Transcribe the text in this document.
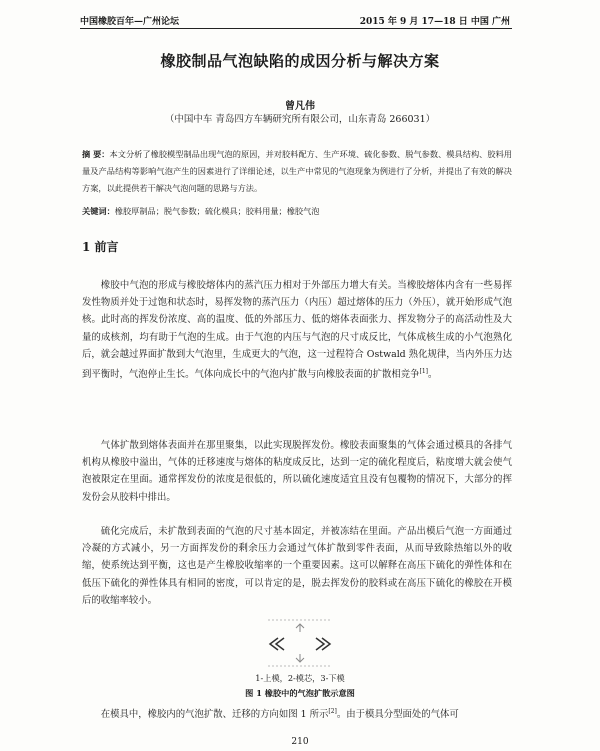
中国橡胶百年—广州论坛	2015 年 9 月 17—18 日 中国 广州
橡胶制品气泡缺陷的成因分析与解决方案
曾凡伟
（中国中车 青岛四方车辆研究所有限公司，山东青岛 266031）
摘 要：本文分析了橡胶模型制品出现气泡的原因，并对胶料配方、生产环境、硫化参数、脱气参数、模具结构、胶料用量及产品结构等影响气泡产生的因素进行了详细论述，以生产中常见的气泡现象为例进行了分析，并提出了有效的解决方案，以此提供若干解决气泡问题的思路与方法。
关键词：橡胶厚制品；脱气参数；硫化模具；胶料用量；橡胶气泡
1 前言

橡胶中气泡的形成与橡胶熔体内的蒸汽压力相对于外部压力增大有关。当橡胶熔体内含有一些易挥发性物质并处于过饱和状态时，易挥发物的蒸汽压力（内压）超过熔体的压力（外压），就开始形成气泡核。此时高的挥发份浓度、高的温度、低的外部压力、低的熔体表面张力、挥发物分子的高活动性及大量的成核剂，均有助于气泡的生成。由于气泡的内压与气泡的尺寸成反比，气体成核生成的小气泡熟化后，就会越过界面扩散到大气泡里，生成更大的气泡，这一过程符合 Ostwald 熟化规律，当内外压力达到平衡时，气泡停止生长。气体向成长中的气泡内扩散与向橡胶表面的扩散相竞争[1]。

气体扩散到熔体表面并在那里聚集，以此实现脱挥发份。橡胶表面聚集的气体会通过模具的各排气机构从橡胶中溢出，气体的迁移速度与熔体的粘度成反比，达到一定的硫化程度后，粘度增大就会使气泡被限定在里面。通常挥发份的浓度是很低的，所以硫化速度适宜且没有包覆物的情况下，大部分的挥发份会从胶料中排出。

硫化完成后，未扩散到表面的气泡的尺寸基本固定，并被冻结在里面。产品出模后气泡一方面通过冷凝的方式减小，另一方面挥发份的剩余压力会通过气体扩散到零件表面，从而导致除热缩以外的收缩，使系统达到平衡，这也是产生橡胶收缩率的一个重要因素。这可以解释在高压下硫化的弹性体和在低压下硫化的弹性体具有相同的密度，可以肯定的是，脱去挥发份的胶料或在高压下硫化的橡胶在开模后的收缩率较小。

1-上模，2-模芯，3-下模
图 1 橡胶中的气泡扩散示意图

在模具中，橡胶内的气泡扩散、迁移的方向如图 1 所示[2]。由于模具分型面处的气体可

210
